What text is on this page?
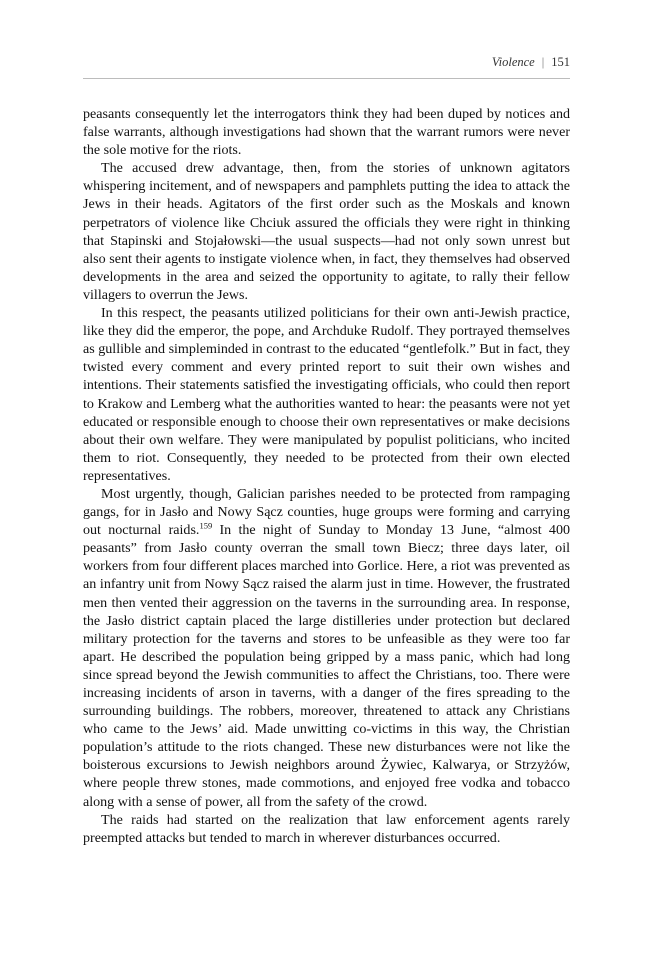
Violence | 151

peasants consequently let the interrogators think they had been duped by notices and false warrants, although investigations had shown that the warrant rumors were never the sole motive for the riots.

The accused drew advantage, then, from the stories of unknown agitators whispering incitement, and of newspapers and pamphlets putting the idea to attack the Jews in their heads. Agitators of the first order such as the Moskals and known perpetrators of violence like Chciuk assured the officials they were right in thinking that Stapinski and Stojałowski—the usual suspects—had not only sown unrest but also sent their agents to instigate violence when, in fact, they themselves had observed developments in the area and seized the opportunity to agitate, to rally their fellow villagers to overrun the Jews.

In this respect, the peasants utilized politicians for their own anti-Jewish practice, like they did the emperor, the pope, and Archduke Rudolf. They portrayed themselves as gullible and simpleminded in contrast to the educated “gentlefolk.” But in fact, they twisted every comment and every printed report to suit their own wishes and intentions. Their statements satisfied the investigating officials, who could then report to Krakow and Lemberg what the authorities wanted to hear: the peasants were not yet educated or responsible enough to choose their own representatives or make decisions about their own welfare. They were manipulated by populist politicians, who incited them to riot. Consequently, they needed to be protected from their own elected representatives.

Most urgently, though, Galician parishes needed to be protected from rampaging gangs, for in Jasło and Nowy Sącz counties, huge groups were forming and carrying out nocturnal raids.$^{159}$ In the night of Sunday to Monday 13 June, “almost 400 peasants” from Jasło county overran the small town Biecz; three days later, oil workers from four different places marched into Gorlice. Here, a riot was prevented as an infantry unit from Nowy Sącz raised the alarm just in time. However, the frustrated men then vented their aggression on the taverns in the surrounding area. In response, the Jasło district captain placed the large distilleries under protection but declared military protection for the taverns and stores to be unfeasible as they were too far apart. He described the population being gripped by a mass panic, which had long since spread beyond the Jewish communities to affect the Christians, too. There were increasing incidents of arson in taverns, with a danger of the fires spreading to the surrounding buildings. The robbers, moreover, threatened to attack any Christians who came to the Jews’ aid. Made unwitting co-victims in this way, the Christian population’s attitude to the riots changed. These new disturbances were not like the boisterous excursions to Jewish neighbors around Żywiec, Kalwarya, or Strzyżów, where people threw stones, made commotions, and enjoyed free vodka and tobacco along with a sense of power, all from the safety of the crowd.

The raids had started on the realization that law enforcement agents rarely preempted attacks but tended to march in wherever disturbances occurred.
